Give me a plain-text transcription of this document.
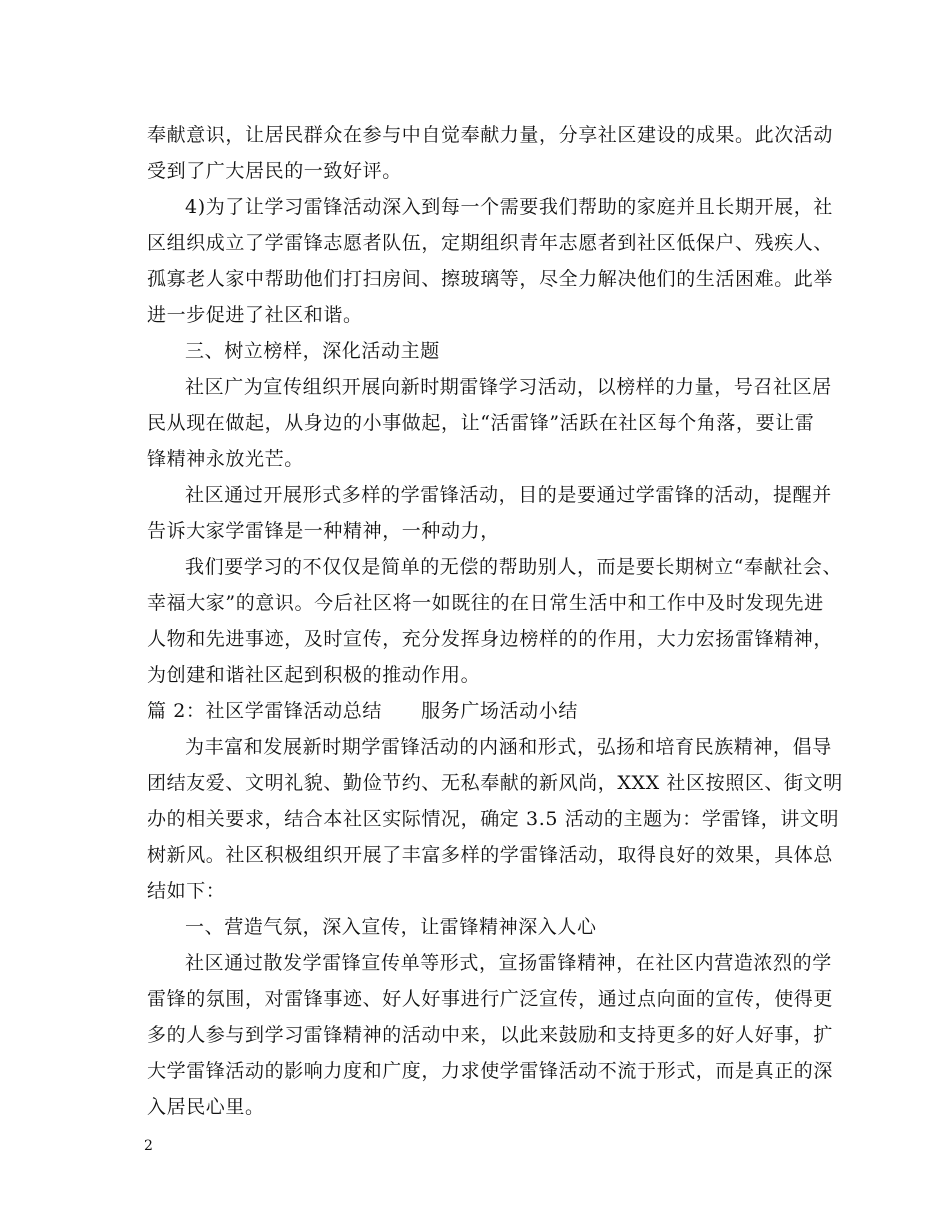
奉献意识，让居民群众在参与中自觉奉献力量，分享社区建设的成果。此次活动
受到了广大居民的一致好评。
4)为了让学习雷锋活动深入到每一个需要我们帮助的家庭并且长期开展，社
区组织成立了学雷锋志愿者队伍，定期组织青年志愿者到社区低保户、残疾人、
孤寡老人家中帮助他们打扫房间、擦玻璃等，尽全力解决他们的生活困难。此举
进一步促进了社区和谐。
三、树立榜样，深化活动主题
社区广为宣传组织开展向新时期雷锋学习活动，以榜样的力量，号召社区居
民从现在做起，从身边的小事做起，让“活雷锋”活跃在社区每个角落，要让雷
锋精神永放光芒。
社区通过开展形式多样的学雷锋活动，目的是要通过学雷锋的活动，提醒并
告诉大家学雷锋是一种精神，一种动力，
我们要学习的不仅仅是简单的无偿的帮助别人，而是要长期树立“奉献社会、
幸福大家”的意识。今后社区将一如既往的在日常生活中和工作中及时发现先进
人物和先进事迹，及时宣传，充分发挥身边榜样的的作用，大力宏扬雷锋精神，
为创建和谐社区起到积极的推动作用。
篇 2：社区学雷锋活动总结　　服务广场活动小结
为丰富和发展新时期学雷锋活动的内涵和形式，弘扬和培育民族精神，倡导
团结友爱、文明礼貌、勤俭节约、无私奉献的新风尚，XXX 社区按照区、街文明
办的相关要求，结合本社区实际情况，确定 3.5 活动的主题为：学雷锋，讲文明
树新风。社区积极组织开展了丰富多样的学雷锋活动，取得良好的效果，具体总
结如下：
一、营造气氛，深入宣传，让雷锋精神深入人心
社区通过散发学雷锋宣传单等形式，宣扬雷锋精神，在社区内营造浓烈的学
雷锋的氛围，对雷锋事迹、好人好事进行广泛宣传，通过点向面的宣传，使得更
多的人参与到学习雷锋精神的活动中来，以此来鼓励和支持更多的好人好事，扩
大学雷锋活动的影响力度和广度，力求使学雷锋活动不流于形式，而是真正的深
入居民心里。
2
